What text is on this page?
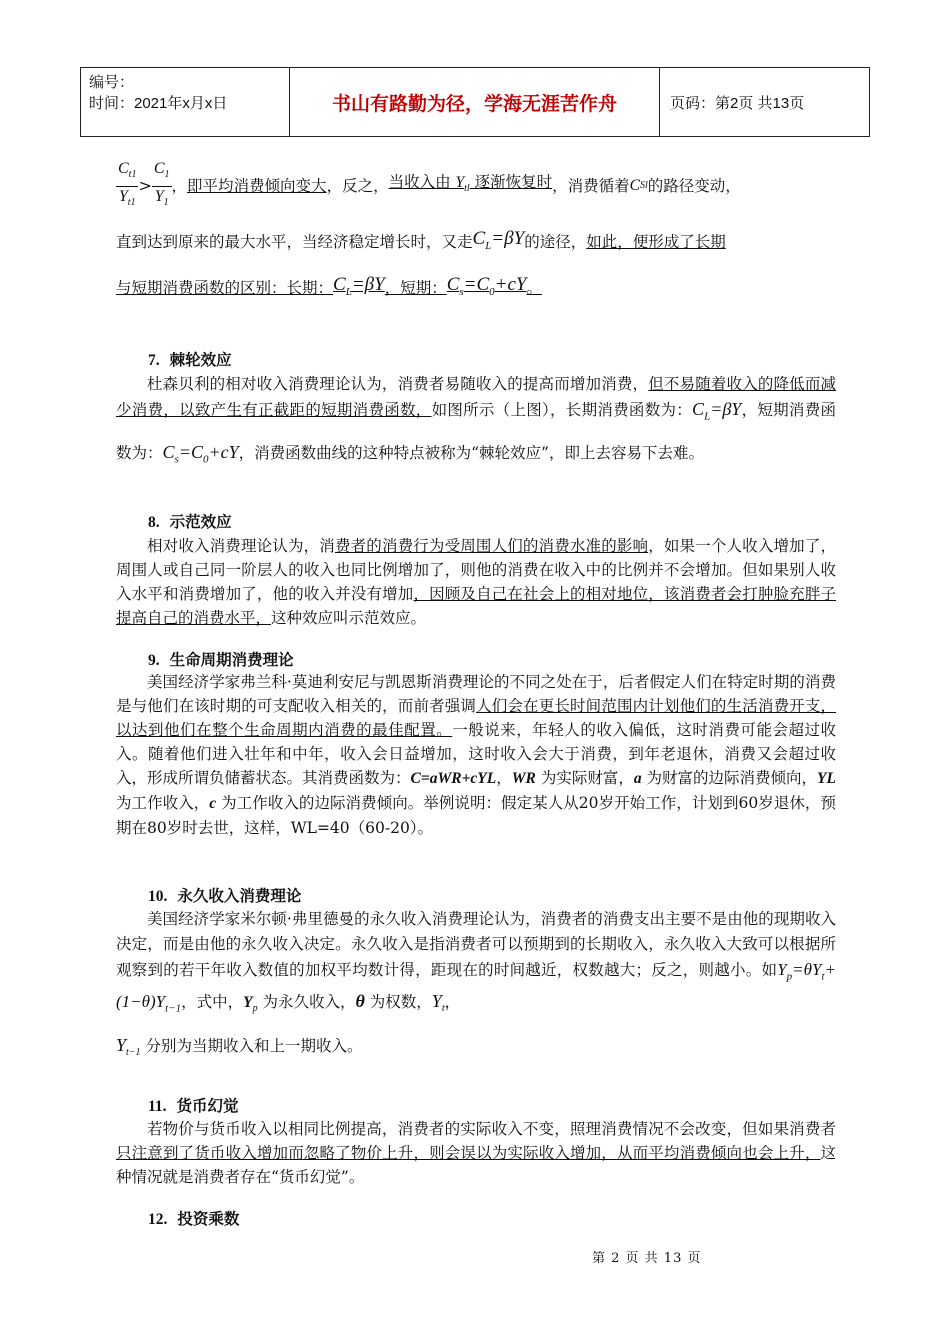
编号：
时间：2021年x月x日	书山有路勤为径，学海无涯苦作舟	页码：第2页 共13页
$\frac{C_{t1}}{Y_{t1}} > \frac{C_1}{Y_1}$ ， 即平均消费倾向变大 ，反之， 当收入由 $Y_{tl}$ 逐渐恢复时 ，消费循着 C Sl 的路径变动，
直到达到原来的最大水平，当经济稳定增长时，又走 $C_L=\beta Y$ 的途径， 如此，便形成了长期
与短期消费函数的区别：长期： $C_L=\beta Y$ ，短期： $C_s=C_0+cY$ 。
7. 棘轮效应

杜森贝利的相对收入消费理论认为，消费者易随收入的提高而增加消费，但不易随着收入的降低而减少消费，以致产生有正截距的短期消费函数，如图所示（上图），长期消费函数为：$C_L=\beta Y$，短期消费函数为：$C_s=C_0+cY$，消费函数曲线的这种特点被称为“棘轮效应”，即上去容易下去难。

8. 示范效应

相对收入消费理论认为，消费者的消费行为受周围人们的消费水准的影响，如果一个人收入增加了，周围人或自己同一阶层人的收入也同比例增加了，则他的消费在收入中的比例并不会增加。但如果别人收入水平和消费增加了，他的收入并没有增加，因顾及自己在社会上的相对地位，该消费者会打肿脸充胖子提高自己的消费水平，这种效应叫示范效应。

9. 生命周期消费理论

美国经济学家弗兰科·莫迪利安尼与凯恩斯消费理论的不同之处在于，后者假定人们在特定时期的消费是与他们在该时期的可支配收入相关的，而前者强调人们会在更长时间范围内计划他们的生活消费开支，以达到他们在整个生命周期内消费的最佳配置。一般说来，年轻人的收入偏低，这时消费可能会超过收入。随着他们进入壮年和中年，收入会日益增加，这时收入会大于消费，到年老退休，消费又会超过收入，形成所谓负储蓄状态。其消费函数为：C=aWR+cYL，WR 为实际财富，a 为财富的边际消费倾向，YL 为工作收入，c 为工作收入的边际消费倾向。举例说明：假定某人从20岁开始工作，计划到60岁退休，预期在80岁时去世，这样，WL=40（60-20）。

10. 永久收入消费理论

美国经济学家米尔顿·弗里德曼的永久收入消费理论认为，消费者的消费支出主要不是由他的现期收入决定，而是由他的永久收入决定。永久收入是指消费者可以预期到的长期收入，永久收入大致可以根据所观察到的若干年收入数值的加权平均数计得，距现在的时间越近，权数越大；反之，则越小。如$Y_p=\theta Y_t+(1-\theta)Y_{t-1}$，式中，$Y_p$ 为永久收入，θ 为权数，$Y_t$，
$Y_{t-1}$ 分别为当期收入和上一期收入。

11. 货币幻觉

若物价与货币收入以相同比例提高，消费者的实际收入不变，照理消费情况不会改变，但如果消费者只注意到了货币收入增加而忽略了物价上升，则会误以为实际收入增加，从而平均消费倾向也会上升，这种情况就是消费者存在“货币幻觉”。

12. 投资乘数
第 2 页 共 13 页
